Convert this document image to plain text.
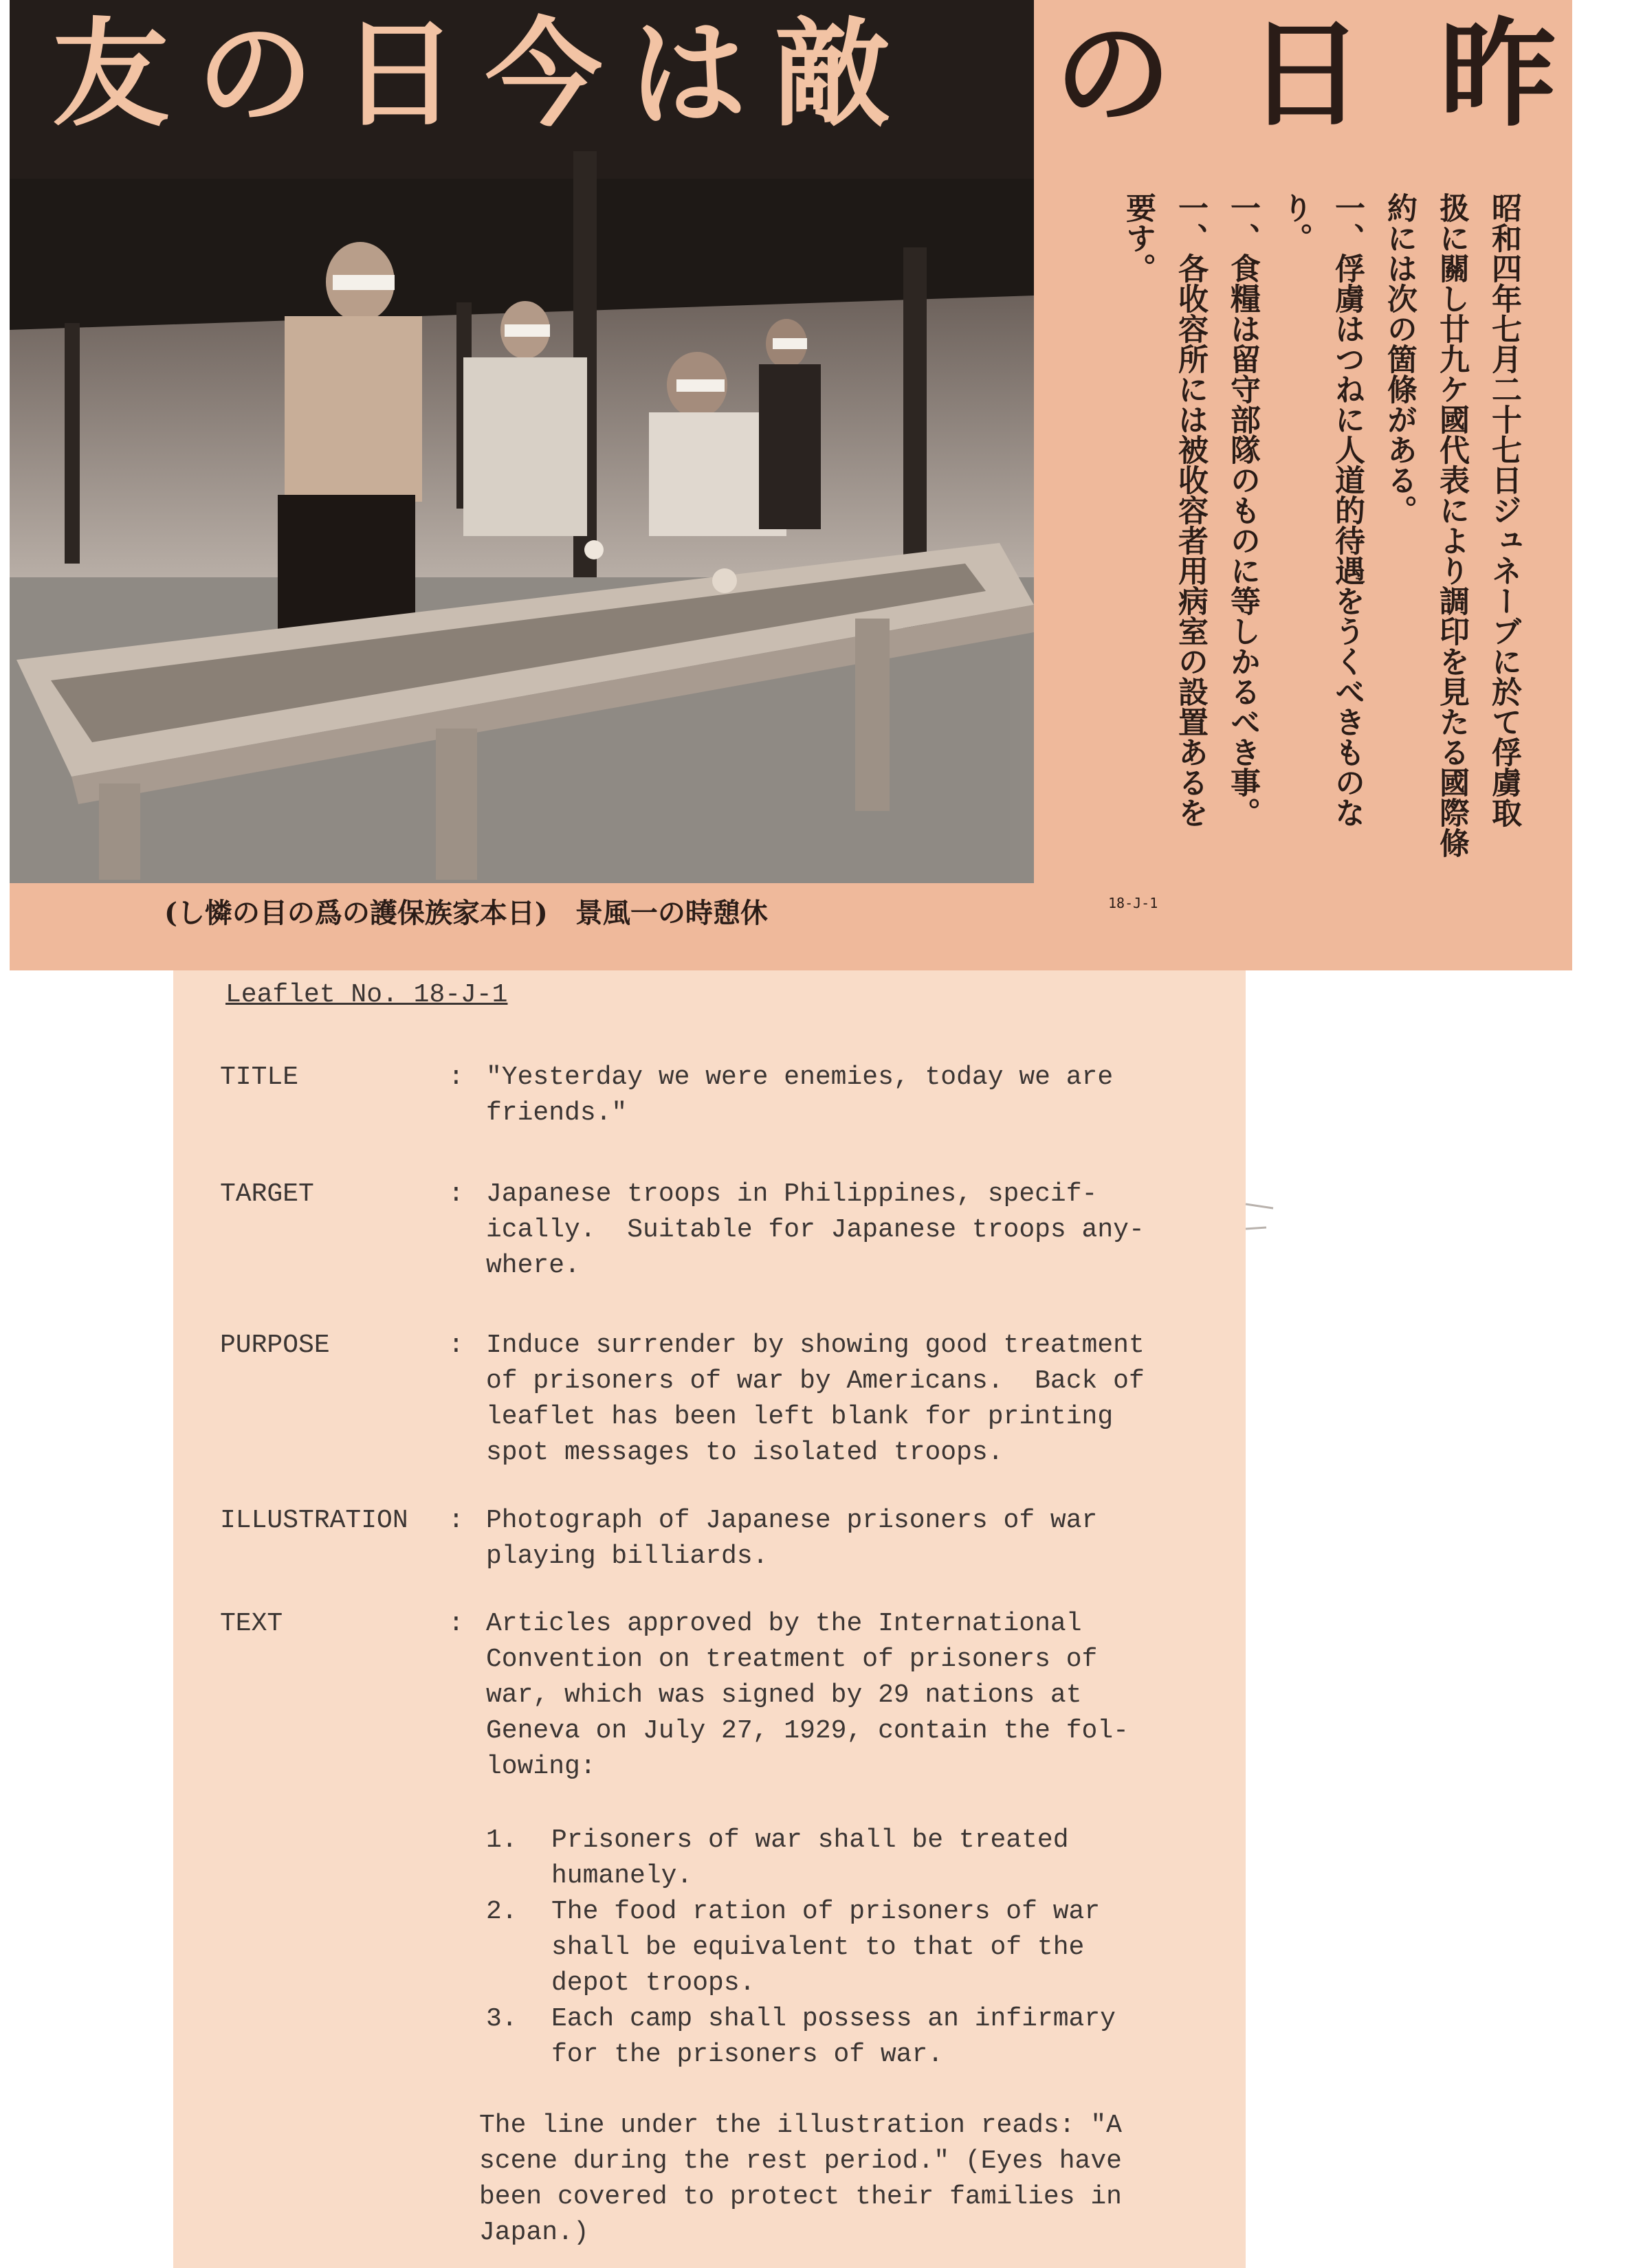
友の日今は敵	の日昨
昭和四年七月二十七日ジュネーブに於て俘虜取
扱に關し廿九ケ國代表により調印を見たる國際條
約には次の箇條がある。
一、俘虜はつねに人道的待遇をうくべきものな
り。
一、食糧は留守部隊のものに等しかるべき事。
一、各收容所には被收容者用病室の設置あるを
要す。
(し憐の目の爲の護保族家本日)　景風一の時憩休	18-J-1
Leaflet No. 18-J-1
TITLE	: "Yesterday we were enemies, today we are
friends."
TARGET	: Japanese troops in Philippines, specif-
ically.  Suitable for Japanese troops any-
where.
PURPOSE	: Induce surrender by showing good treatment
of prisoners of war by Americans.  Back of
leaflet has been left blank for printing
spot messages to isolated troops.
ILLUSTRATION	: Photograph of Japanese prisoners of war
playing billiards.
TEXT	: Articles approved by the International
Convention on treatment of prisoners of
war, which was signed by 29 nations at
Geneva on July 27, 1929, contain the fol-
lowing:
1. Prisoners of war shall be treated
humanely.
2. The food ration of prisoners of war
shall be equivalent to that of the
depot troops.
3. Each camp shall possess an infirmary
for the prisoners of war.
The line under the illustration reads: "A
scene during the rest period." (Eyes have
been covered to protect their families in
Japan.)
